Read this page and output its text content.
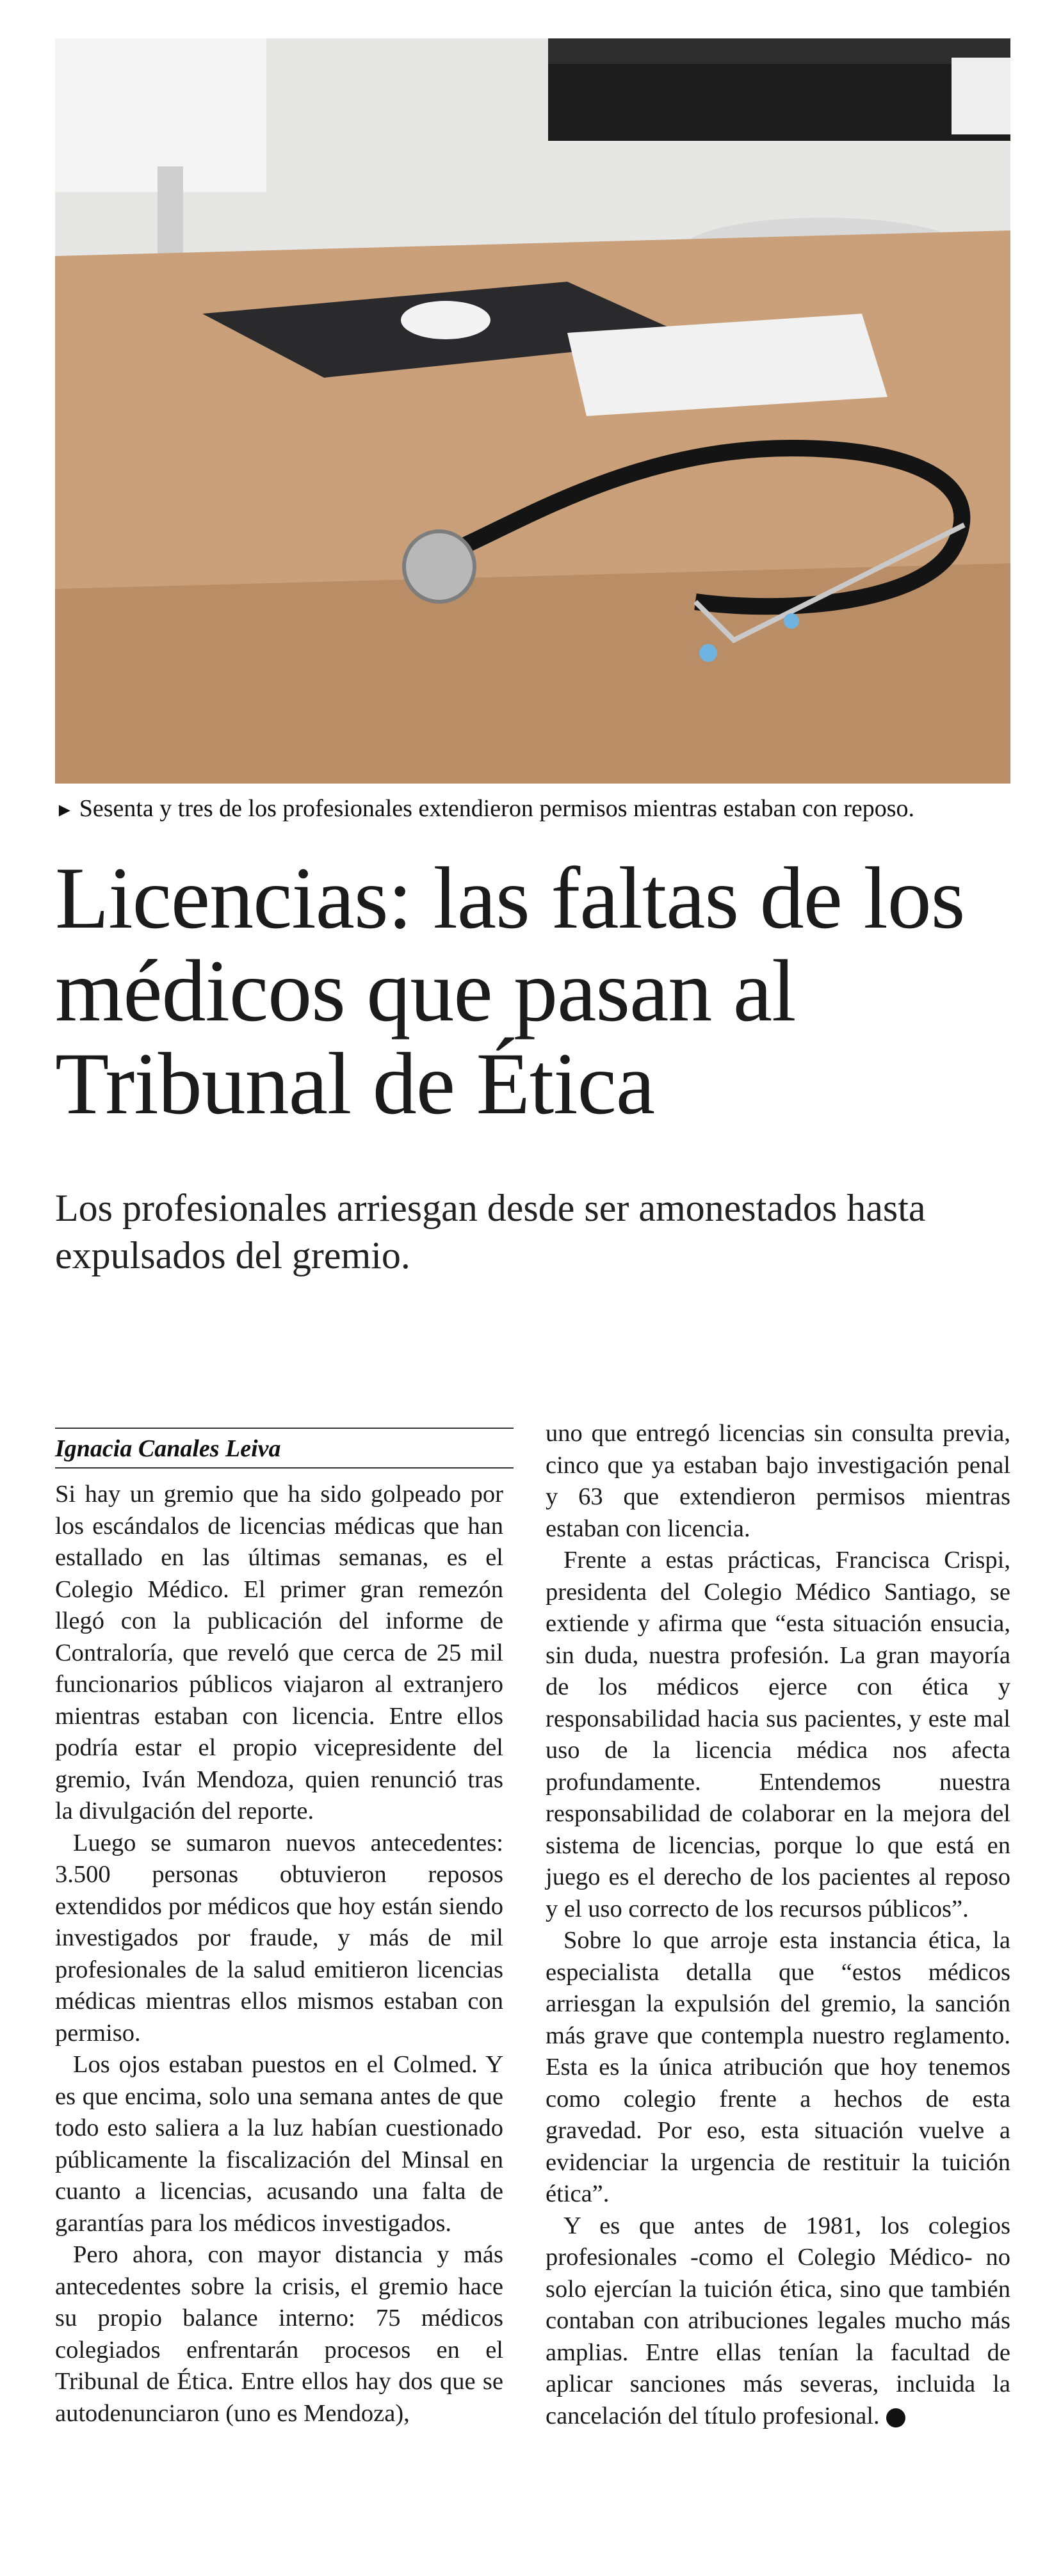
► Sesenta y tres de los profesionales extendieron permisos mientras estaban con reposo.
Licencias: las faltas de los médicos que pasan al Tribunal de Ética

Los profesionales arriesgan desde ser amonestados hasta expulsados del gremio.

Ignacia Canales Leiva

Si hay un gremio que ha sido golpeado por los escándalos de licencias médicas que han estallado en las últimas semanas, es el Colegio Médico. El primer gran remezón llegó con la publicación del informe de Contraloría, que reveló que cerca de 25 mil funcionarios públicos viajaron al extranjero mientras estaban con licencia. Entre ellos podría estar el propio vicepresidente del gremio, Iván Mendoza, quien renunció tras la divulgación del reporte.

Luego se sumaron nuevos antecedentes: 3.500 personas obtuvieron reposos extendidos por médicos que hoy están siendo investigados por fraude, y más de mil profesionales de la salud emitieron licencias médicas mientras ellos mismos estaban con permiso.

Los ojos estaban puestos en el Colmed. Y es que encima, solo una semana antes de que todo esto saliera a la luz habían cuestionado públicamente la fiscalización del Minsal en cuanto a licencias, acusando una falta de garantías para los médicos investigados.

Pero ahora, con mayor distancia y más antecedentes sobre la crisis, el gremio hace su propio balance interno: 75 médicos colegiados enfrentarán procesos en el Tribunal de Ética. Entre ellos hay dos que se autodenunciaron (uno es Mendoza),

uno que entregó licencias sin consulta previa, cinco que ya estaban bajo investigación penal y 63 que extendieron permisos mientras estaban con licencia.

Frente a estas prácticas, Francisca Crispi, presidenta del Colegio Médico Santiago, se extiende y afirma que “esta situación ensucia, sin duda, nuestra profesión. La gran mayoría de los médicos ejerce con ética y responsabilidad hacia sus pacientes, y este mal uso de la licencia médica nos afecta profundamente. Entendemos nuestra responsabilidad de colaborar en la mejora del sistema de licencias, porque lo que está en juego es el derecho de los pacientes al reposo y el uso correcto de los recursos públicos”.

Sobre lo que arroje esta instancia ética, la especialista detalla que “estos médicos arriesgan la expulsión del gremio, la sanción más grave que contempla nuestro reglamento. Esta es la única atribución que hoy tenemos como colegio frente a hechos de esta gravedad. Por eso, esta situación vuelve a evidenciar la urgencia de restituir la tuición ética”.

Y es que antes de 1981, los colegios profesionales -como el Colegio Médico- no solo ejercían la tuición ética, sino que también contaban con atribuciones legales mucho más amplias. Entre ellas tenían la facultad de aplicar sanciones más severas, incluida la cancelación del título profesional.
